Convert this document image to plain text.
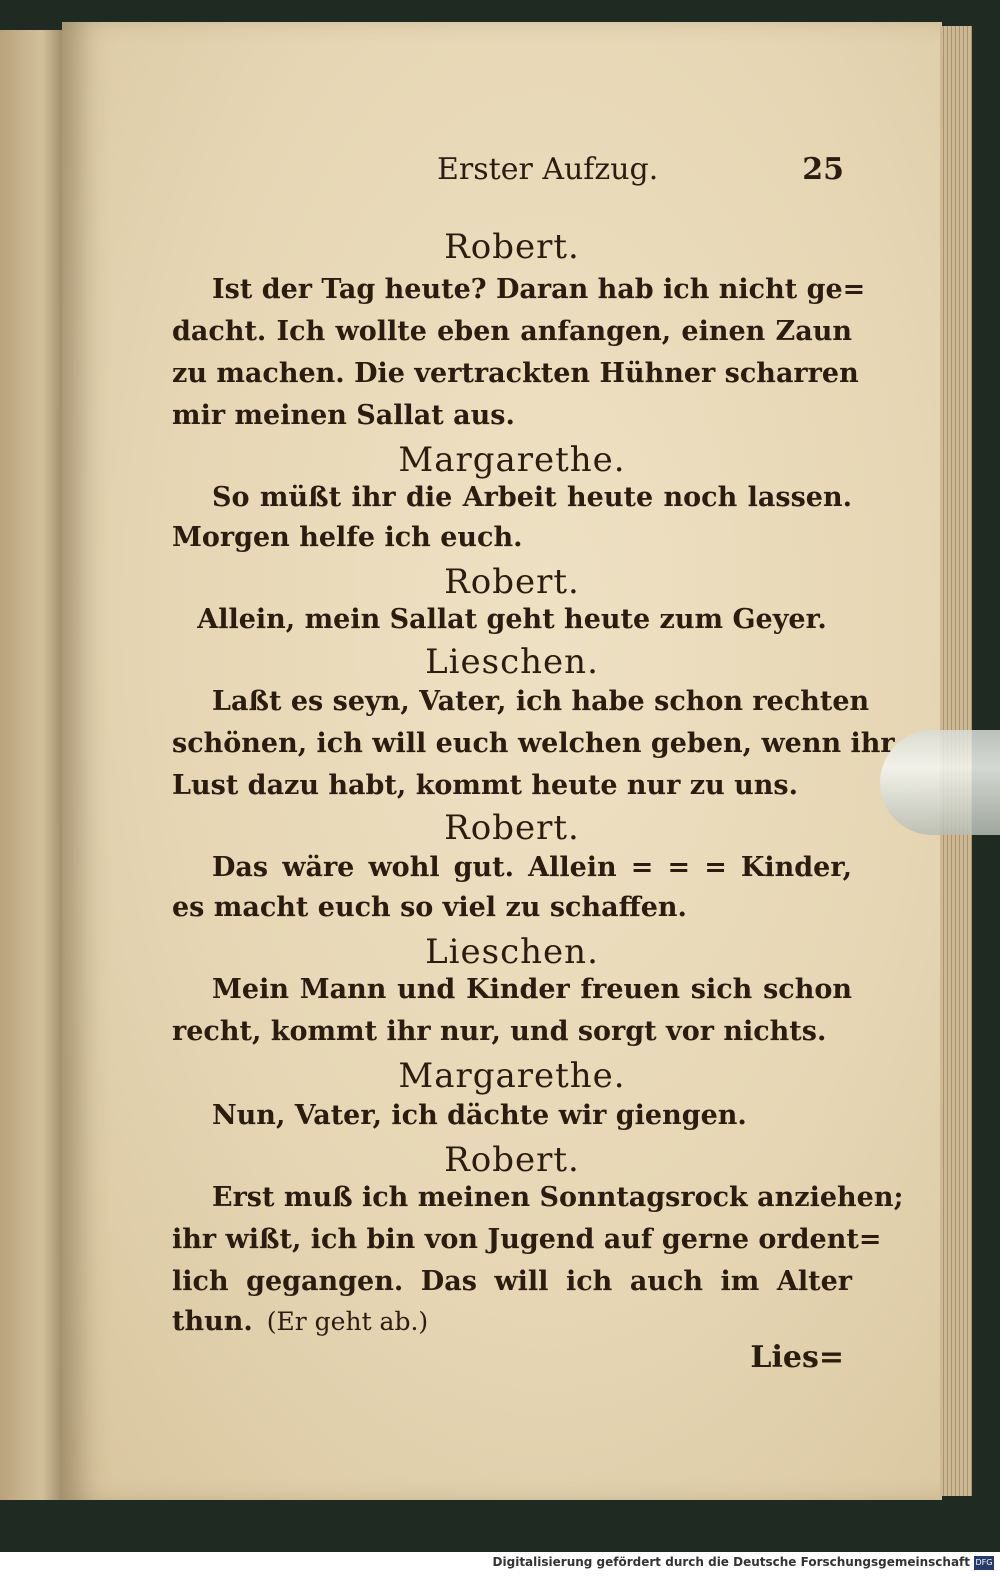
Erster Aufzug.	25
Robert.
Ist der Tag heute? Daran hab ich nicht ge=
dacht. Ich wollte eben anfangen, einen Zaun
zu machen. Die vertrackten Hühner scharren
mir meinen Sallat aus.
Margarethe.
So müßt ihr die Arbeit heute noch lassen.
Morgen helfe ich euch.
Robert.
Allein, mein Sallat geht heute zum Geyer.
Lieschen.
Laßt es seyn, Vater, ich habe schon rechten
schönen, ich will euch welchen geben, wenn ihr
Lust dazu habt, kommt heute nur zu uns.
Robert.
Das wäre wohl gut. Allein = = = Kinder,
es macht euch so viel zu schaffen.
Lieschen.
Mein Mann und Kinder freuen sich schon
recht, kommt ihr nur, und sorgt vor nichts.
Margarethe.
Nun, Vater, ich dächte wir giengen.
Robert.
Erst muß ich meinen Sonntagsrock anziehen;
ihr wißt, ich bin von Jugend auf gerne ordent=
lich gegangen. Das will ich auch im Alter
thun. (Er geht ab.)
Lies=
Digitalisierung gefördert durch die Deutsche Forschungsgemeinschaft DFG
